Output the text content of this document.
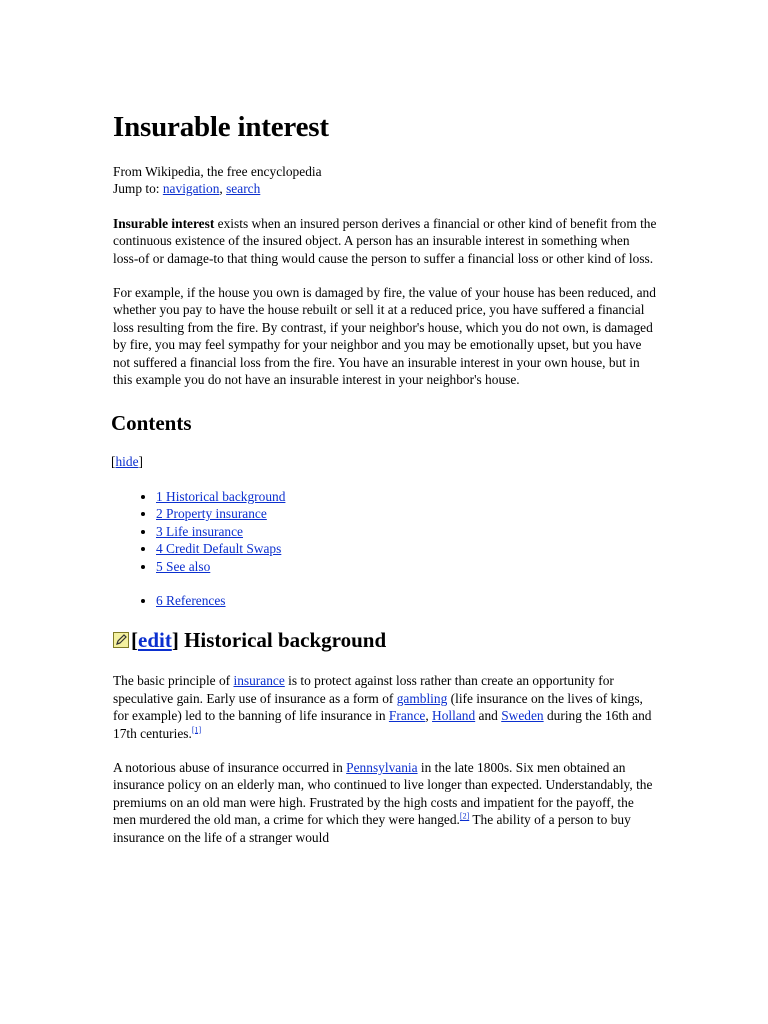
Insurable interest
From Wikipedia, the free encyclopedia
Jump to: navigation, search

Insurable interest exists when an insured person derives a financial or other kind of benefit from the continuous existence of the insured object. A person has an insurable interest in something when loss-of or damage-to that thing would cause the person to suffer a financial loss or other kind of loss.

For example, if the house you own is damaged by fire, the value of your house has been reduced, and whether you pay to have the house rebuilt or sell it at a reduced price, you have suffered a financial loss resulting from the fire. By contrast, if your neighbor's house, which you do not own, is damaged by fire, you may feel sympathy for your neighbor and you may be emotionally upset, but you have not suffered a financial loss from the fire. You have an insurable interest in your own house, but in this example you do not have an insurable interest in your neighbor's house.

Contents
[hide]
• 1 Historical background
• 2 Property insurance
• 3 Life insurance
• 4 Credit Default Swaps
• 5 See also
• 6 References
[ edit ] Historical background

The basic principle of insurance is to protect against loss rather than create an opportunity for speculative gain. Early use of insurance as a form of gambling (life insurance on the lives of kings, for example) led to the banning of life insurance in France, Holland and Sweden during the 16th and 17th centuries.[1]

A notorious abuse of insurance occurred in Pennsylvania in the late 1800s. Six men obtained an insurance policy on an elderly man, who continued to live longer than expected. Understandably, the premiums on an old man were high. Frustrated by the high costs and impatient for the payoff, the men murdered the old man, a crime for which they were hanged.[2] The ability of a person to buy insurance on the life of a stranger would
